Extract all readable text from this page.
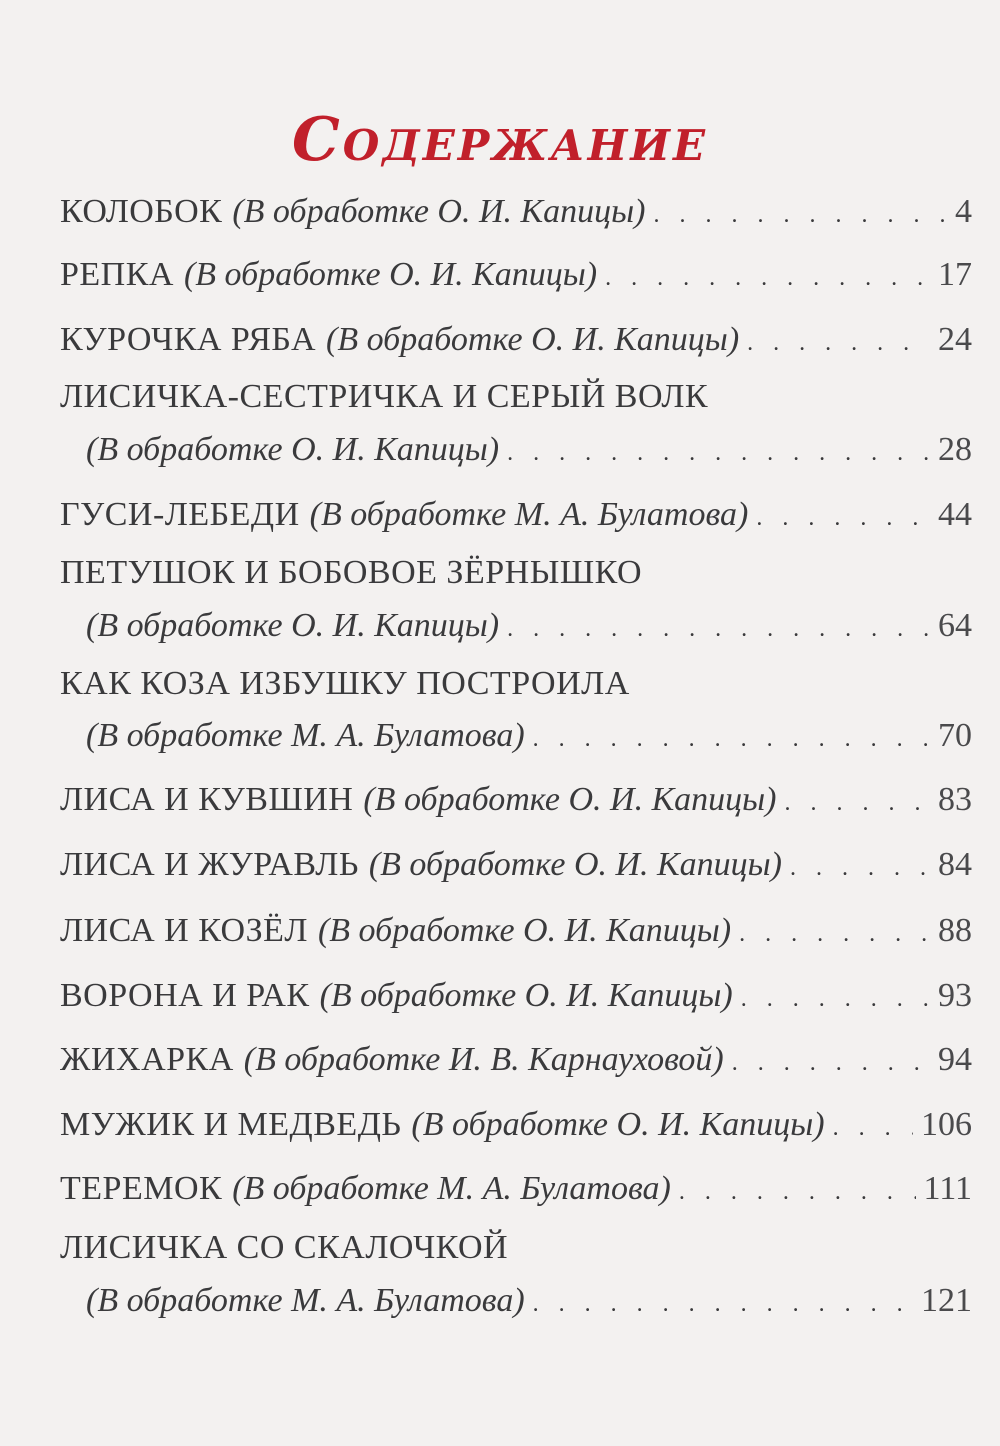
Содержание
КОЛОБОК (В обработке О. И. Капицы) . . .	4
РЕПКА (В обработке О. И. Капицы) . . .	17
КУРОЧКА РЯБА (В обработке О. И. Капицы) . . .	24
ЛИСИЧКА-СЕСТРИЧКА И СЕРЫЙ ВОЛК
(В обработке О. И. Капицы) . . .	28
ГУСИ-ЛЕБЕДИ (В обработке М. А. Булатова) . . .	44
ПЕТУШОК И БОБОВОЕ ЗЁРНЫШКО
(В обработке О. И. Капицы) . . .	64
КАК КОЗА ИЗБУШКУ ПОСТРОИЛА
(В обработке М. А. Булатова) . . .	70
ЛИСА И КУВШИН (В обработке О. И. Капицы) . . .	83
ЛИСА И ЖУРАВЛЬ (В обработке О. И. Капицы) . . .	84
ЛИСА И КОЗЁЛ (В обработке О. И. Капицы) . . .	88
ВОРОНА И РАК (В обработке О. И. Капицы) . . .	93
ЖИХАРКА (В обработке И. В. Карнауховой) . . .	94
МУЖИК И МЕДВЕДЬ (В обработке О. И. Капицы) . . .	106
ТЕРЕМОК (В обработке М. А. Булатова) . . .	111
ЛИСИЧКА СО СКАЛОЧКОЙ
(В обработке М. А. Булатова) . . .	121
